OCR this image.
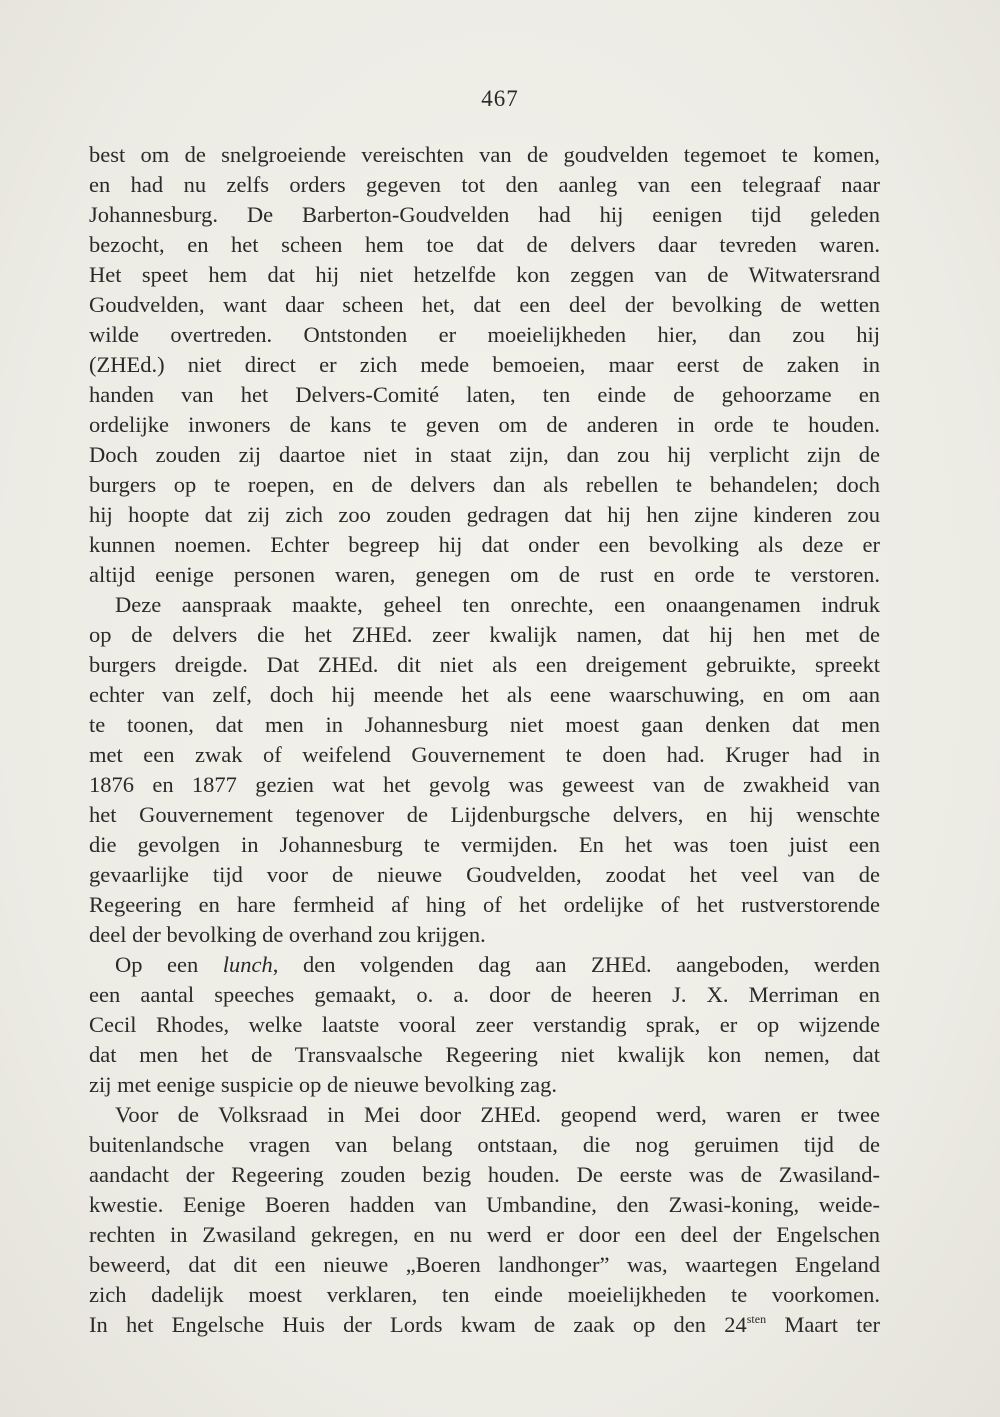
467
best om de snelgroeiende vereischten van de goudvelden tegemoet te komen,
en had nu zelfs orders gegeven tot den aanleg van een telegraaf naar
Johannesburg. De Barberton-Goudvelden had hij eenigen tijd geleden
bezocht, en het scheen hem toe dat de delvers daar tevreden waren.
Het speet hem dat hij niet hetzelfde kon zeggen van de Witwatersrand
Goudvelden, want daar scheen het, dat een deel der bevolking de wetten
wilde overtreden. Ontstonden er moeielijkheden hier, dan zou hij
(ZHEd.) niet direct er zich mede bemoeien, maar eerst de zaken in
handen van het Delvers-Comité laten, ten einde de gehoorzame en
ordelijke inwoners de kans te geven om de anderen in orde te houden.
Doch zouden zij daartoe niet in staat zijn, dan zou hij verplicht zijn de
burgers op te roepen, en de delvers dan als rebellen te behandelen; doch
hij hoopte dat zij zich zoo zouden gedragen dat hij hen zijne kinderen zou
kunnen noemen. Echter begreep hij dat onder een bevolking als deze er
altijd eenige personen waren, genegen om de rust en orde te verstoren.
Deze aanspraak maakte, geheel ten onrechte, een onaangenamen indruk
op de delvers die het ZHEd. zeer kwalijk namen, dat hij hen met de
burgers dreigde. Dat ZHEd. dit niet als een dreigement gebruikte, spreekt
echter van zelf, doch hij meende het als eene waarschuwing, en om aan
te toonen, dat men in Johannesburg niet moest gaan denken dat men
met een zwak of weifelend Gouvernement te doen had. Kruger had in
1876 en 1877 gezien wat het gevolg was geweest van de zwakheid van
het Gouvernement tegenover de Lijdenburgsche delvers, en hij wenschte
die gevolgen in Johannesburg te vermijden. En het was toen juist een
gevaarlijke tijd voor de nieuwe Goudvelden, zoodat het veel van de
Regeering en hare fermheid af hing of het ordelijke of het rustverstorende
deel der bevolking de overhand zou krijgen.
Op een lunch, den volgenden dag aan ZHEd. aangeboden, werden
een aantal speeches gemaakt, o. a. door de heeren J. X. Merriman en
Cecil Rhodes, welke laatste vooral zeer verstandig sprak, er op wijzende
dat men het de Transvaalsche Regeering niet kwalijk kon nemen, dat
zij met eenige suspicie op de nieuwe bevolking zag.
Voor de Volksraad in Mei door ZHEd. geopend werd, waren er twee
buitenlandsche vragen van belang ontstaan, die nog geruimen tijd de
aandacht der Regeering zouden bezig houden. De eerste was de Zwasiland-
kwestie. Eenige Boeren hadden van Umbandine, den Zwasi-koning, weide-
rechten in Zwasiland gekregen, en nu werd er door een deel der Engelschen
beweerd, dat dit een nieuwe „Boeren landhonger” was, waartegen Engeland
zich dadelijk moest verklaren, ten einde moeielijkheden te voorkomen.
In het Engelsche Huis der Lords kwam de zaak op den $24^{sten}$ Maart ter
